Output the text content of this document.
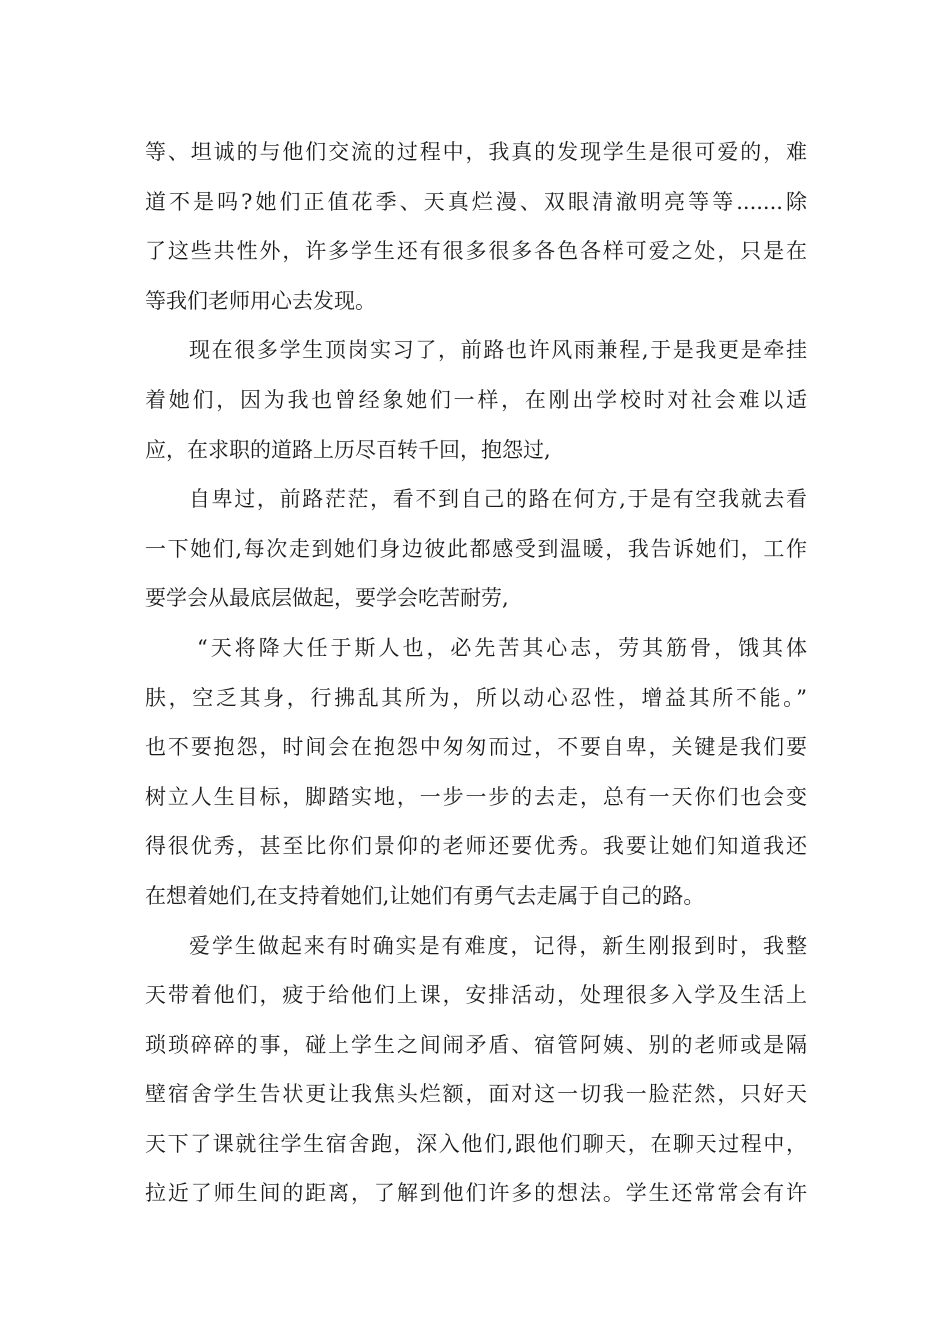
等、坦诚的与他们交流的过程中，我真的发现学生是很可爱的，难
道不是吗?她们正值花季、天真烂漫、双眼清澈明亮等等.......除
了这些共性外，许多学生还有很多很多各色各样可爱之处，只是在
等我们老师用心去发现。
现在很多学生顶岗实习了，前路也许风雨兼程,于是我更是牵挂
着她们，因为我也曾经象她们一样，在刚出学校时对社会难以适
应，在求职的道路上历尽百转千回，抱怨过,
自卑过，前路茫茫，看不到自己的路在何方,于是有空我就去看
一下她们,每次走到她们身边彼此都感受到温暖，我告诉她们，工作
要学会从最底层做起，要学会吃苦耐劳,
“天将降大任于斯人也，必先苦其心志，劳其筋骨，饿其体
肤，空乏其身，行拂乱其所为，所以动心忍性，增益其所不能。”
也不要抱怨，时间会在抱怨中匆匆而过，不要自卑，关键是我们要
树立人生目标，脚踏实地，一步一步的去走，总有一天你们也会变
得很优秀，甚至比你们景仰的老师还要优秀。我要让她们知道我还
在想着她们,在支持着她们,让她们有勇气去走属于自己的路。
爱学生做起来有时确实是有难度，记得，新生刚报到时，我整
天带着他们，疲于给他们上课，安排活动，处理很多入学及生活上
琐琐碎碎的事，碰上学生之间闹矛盾、宿管阿姨、别的老师或是隔
壁宿舍学生告状更让我焦头烂额，面对这一切我一脸茫然，只好天
天下了课就往学生宿舍跑，深入他们,跟他们聊天，在聊天过程中，
拉近了师生间的距离，了解到他们许多的想法。学生还常常会有许
